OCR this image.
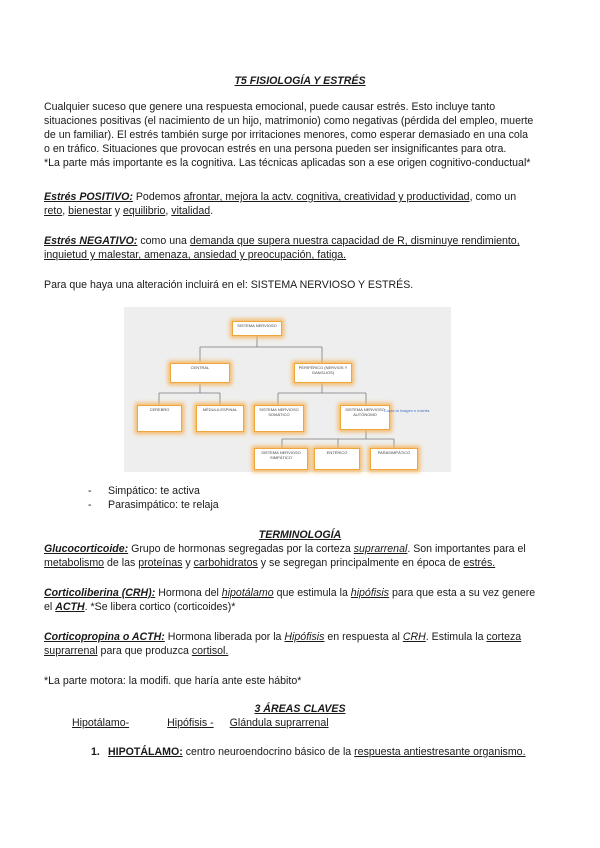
T5 FISIOLOGÍA Y ESTRÉS
Cualquier suceso que genere una respuesta emocional, puede causar estrés. Esto incluye tanto
situaciones positivas (el nacimiento de un hijo, matrimonio) como negativas (pérdida del empleo, muerte
de un familiar). El estrés también surge por irritaciones menores, como esperar demasiado en una cola
o en tráfico. Situaciones que provocan estrés en una persona pueden ser insignificantes para otra.
*La parte más importante es la cognitiva. Las técnicas aplicadas son a ese origen cognitivo-conductual*
Estrés POSITIVO: Podemos afrontar, mejora la actv. cognitiva, creatividad y productividad, como un
reto, bienestar y equilibrio, vitalidad.
Estrés NEGATIVO: como una demanda que supera nuestra capacidad de R, disminuye rendimiento,
inquietud y malestar, amenaza, ansiedad y preocupación, fatiga.
Para que haya una alteración incluirá en el: SISTEMA NERVIOSO Y ESTRÉS.
SISTEMA NERVIOSO
CENTRAL	PERIFÉRICO (NERVIOS Y GANGLIOS)
CEREBRO	MÉDULA ESPINAL	SISTEMA NERVIOSO SOMÁTICO
SISTEMA NERVIOSO AUTÓNOMO
SISTEMA NERVIOSO SIMPÁTICO
ENTÉRICO	PARASIMPÁTICO
Copia la imagen e inserta
- Simpático: te activa
- Parasimpático: te relaja
TERMINOLOGÍA
Glucocorticoide: Grupo de hormonas segregadas por la corteza suprarrenal. Son importantes para el
metabolismo de las proteínas y carbohidratos y se segregan principalmente en época de estrés.
Corticoliberina (CRH): Hormona del hipotálamo que estimula la hipófisis para que esta a su vez genere
el ACTH. *Se libera cortico (corticoides)*
Corticopropina o ACTH: Hormona liberada por la Hipófisis en respuesta al CRH. Estimula la corteza
suprarrenal para que produzca cortisol.
*La parte motora: la modifi. que haría ante este hábito*
3 ÁREAS CLAVES
Hipotálamo-	Hipófisis - Glándula suprarrenal
1. HIPOTÁLAMO: centro neuroendocrino básico de la respuesta antiestresante organismo.
